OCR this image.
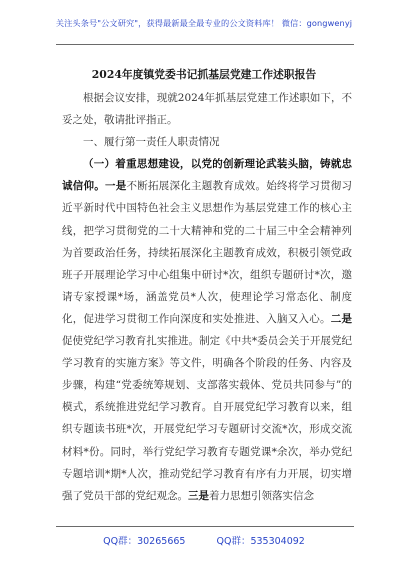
关注头条号"公文研究"，获得最新最全最专业的公文资料库！ 微信：gongwenyj
2024年度镇党委书记抓基层党建工作述职报告

根据会议安排，现就2024年抓基层党建工作述职如下，不妥之处，敬请批评指正。

一、履行第一责任人职责情况

（一）着重思想建设，以党的创新理论武装头脑，铸就忠诚信仰。一是不断拓展深化主题教育成效。始终将学习贯彻习近平新时代中国特色社会主义思想作为基层党建工作的核心主线，把学习贯彻党的二十大精神和党的二十届三中全会精神列为首要政治任务，持续拓展深化主题教育成效，积极引领党政班子开展理论学习中心组集中研讨*次，组织专题研讨*次，邀请专家授课*场，涵盖党员*人次，使理论学习常态化、制度化，促进学习贯彻工作向深度和实处推进、入脑又入心。二是促使党纪学习教育扎实推进。制定《中共*委员会关于开展党纪学习教育的实施方案》等文件，明确各个阶段的任务、内容及步骤，构建“党委统筹规划、支部落实载体、党员共同参与”的模式，系统推进党纪学习教育。自开展党纪学习教育以来，组织专题读书班*次，开展党纪学习专题研讨交流*次，形成交流材料*份。同时，举行党纪学习教育专题党课*余次，举办党纪专题培训*期*人次，推动党纪学习教育有序有力开展，切实增强了党员干部的党纪观念。三是着力思想引领落实信念

QQ群：30265665	QQ群：535304092
